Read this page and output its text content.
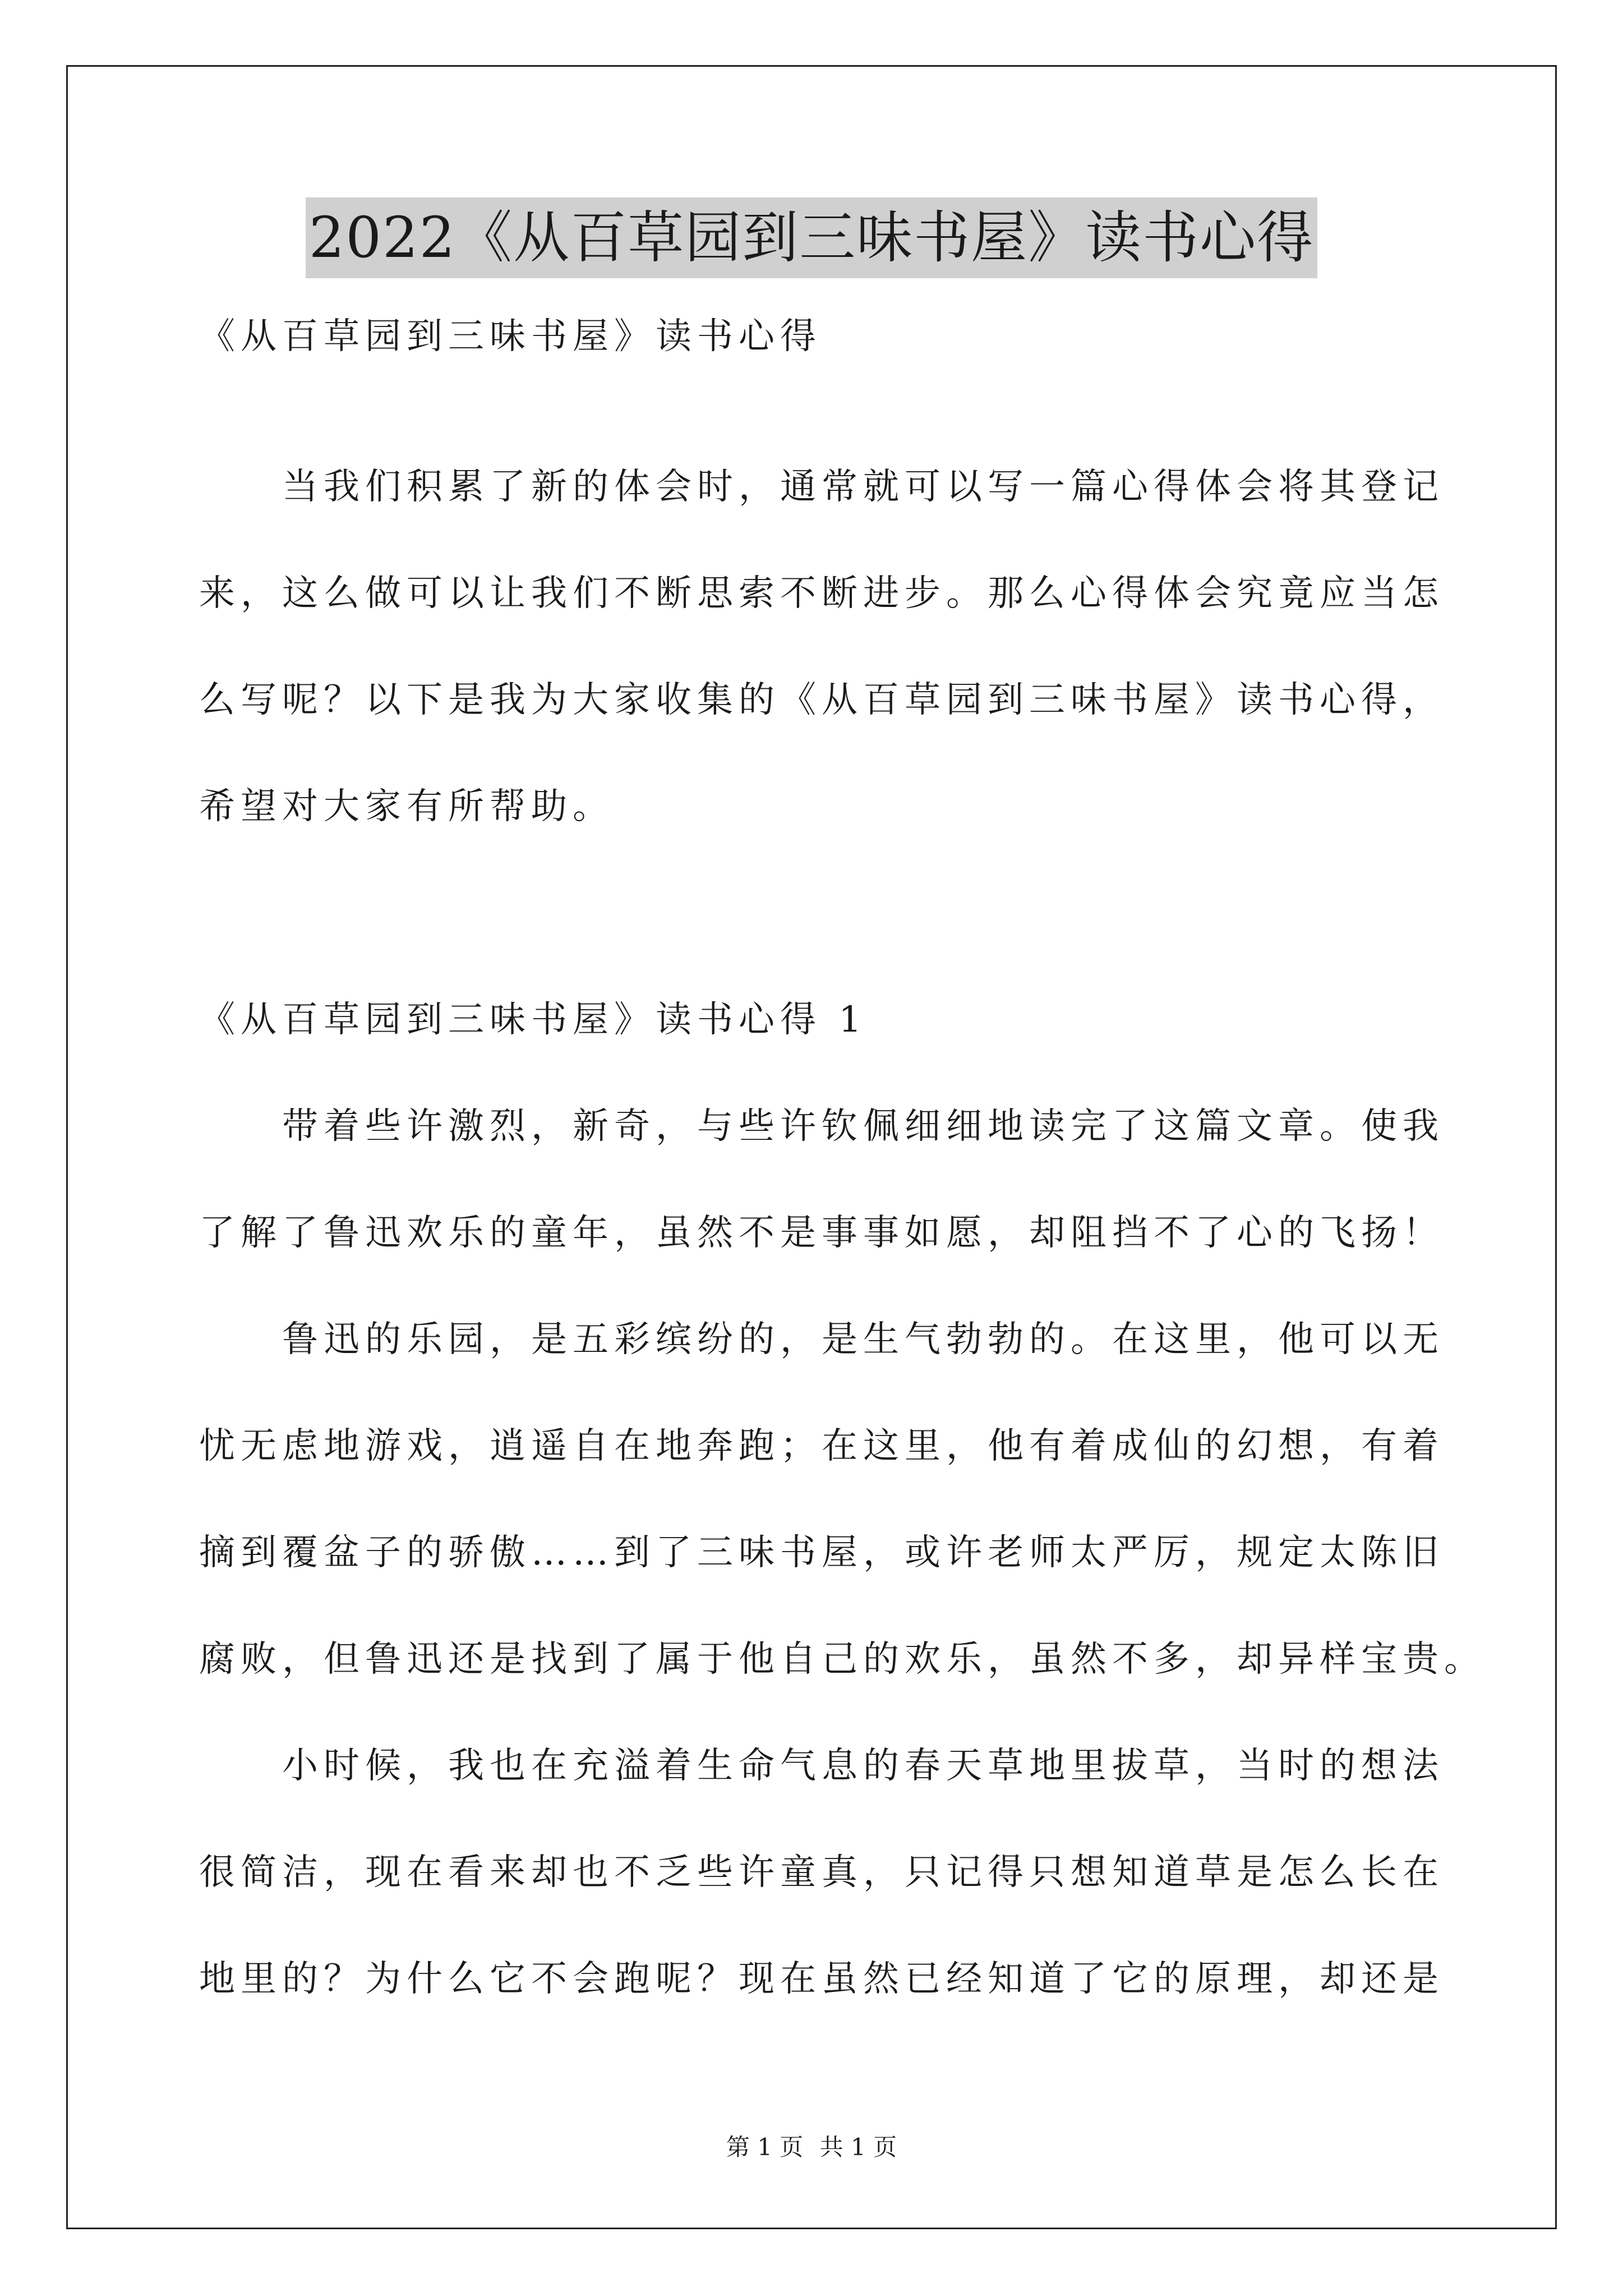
2022《从百草园到三味书屋》读书心得
《从百草园到三味书屋》读书心得
　　当我们积累了新的体会时，通常就可以写一篇心得体会将其登记
来，这么做可以让我们不断思索不断进步。那么心得体会究竟应当怎
么写呢？以下是我为大家收集的《从百草园到三味书屋》读书心得，
希望对大家有所帮助。
《从百草园到三味书屋》读书心得 1
　　带着些许激烈，新奇，与些许钦佩细细地读完了这篇文章。使我
了解了鲁迅欢乐的童年，虽然不是事事如愿，却阻挡不了心的飞扬！
　　鲁迅的乐园，是五彩缤纷的，是生气勃勃的。在这里，他可以无
忧无虑地游戏，逍遥自在地奔跑；在这里，他有着成仙的幻想，有着
摘到覆盆子的骄傲……到了三味书屋，或许老师太严厉，规定太陈旧
腐败，但鲁迅还是找到了属于他自己的欢乐，虽然不多，却异样宝贵。
　　小时候，我也在充溢着生命气息的春天草地里拔草，当时的想法
很简洁，现在看来却也不乏些许童真，只记得只想知道草是怎么长在
地里的？为什么它不会跑呢？现在虽然已经知道了它的原理，却还是
第 1 页 共 1 页
